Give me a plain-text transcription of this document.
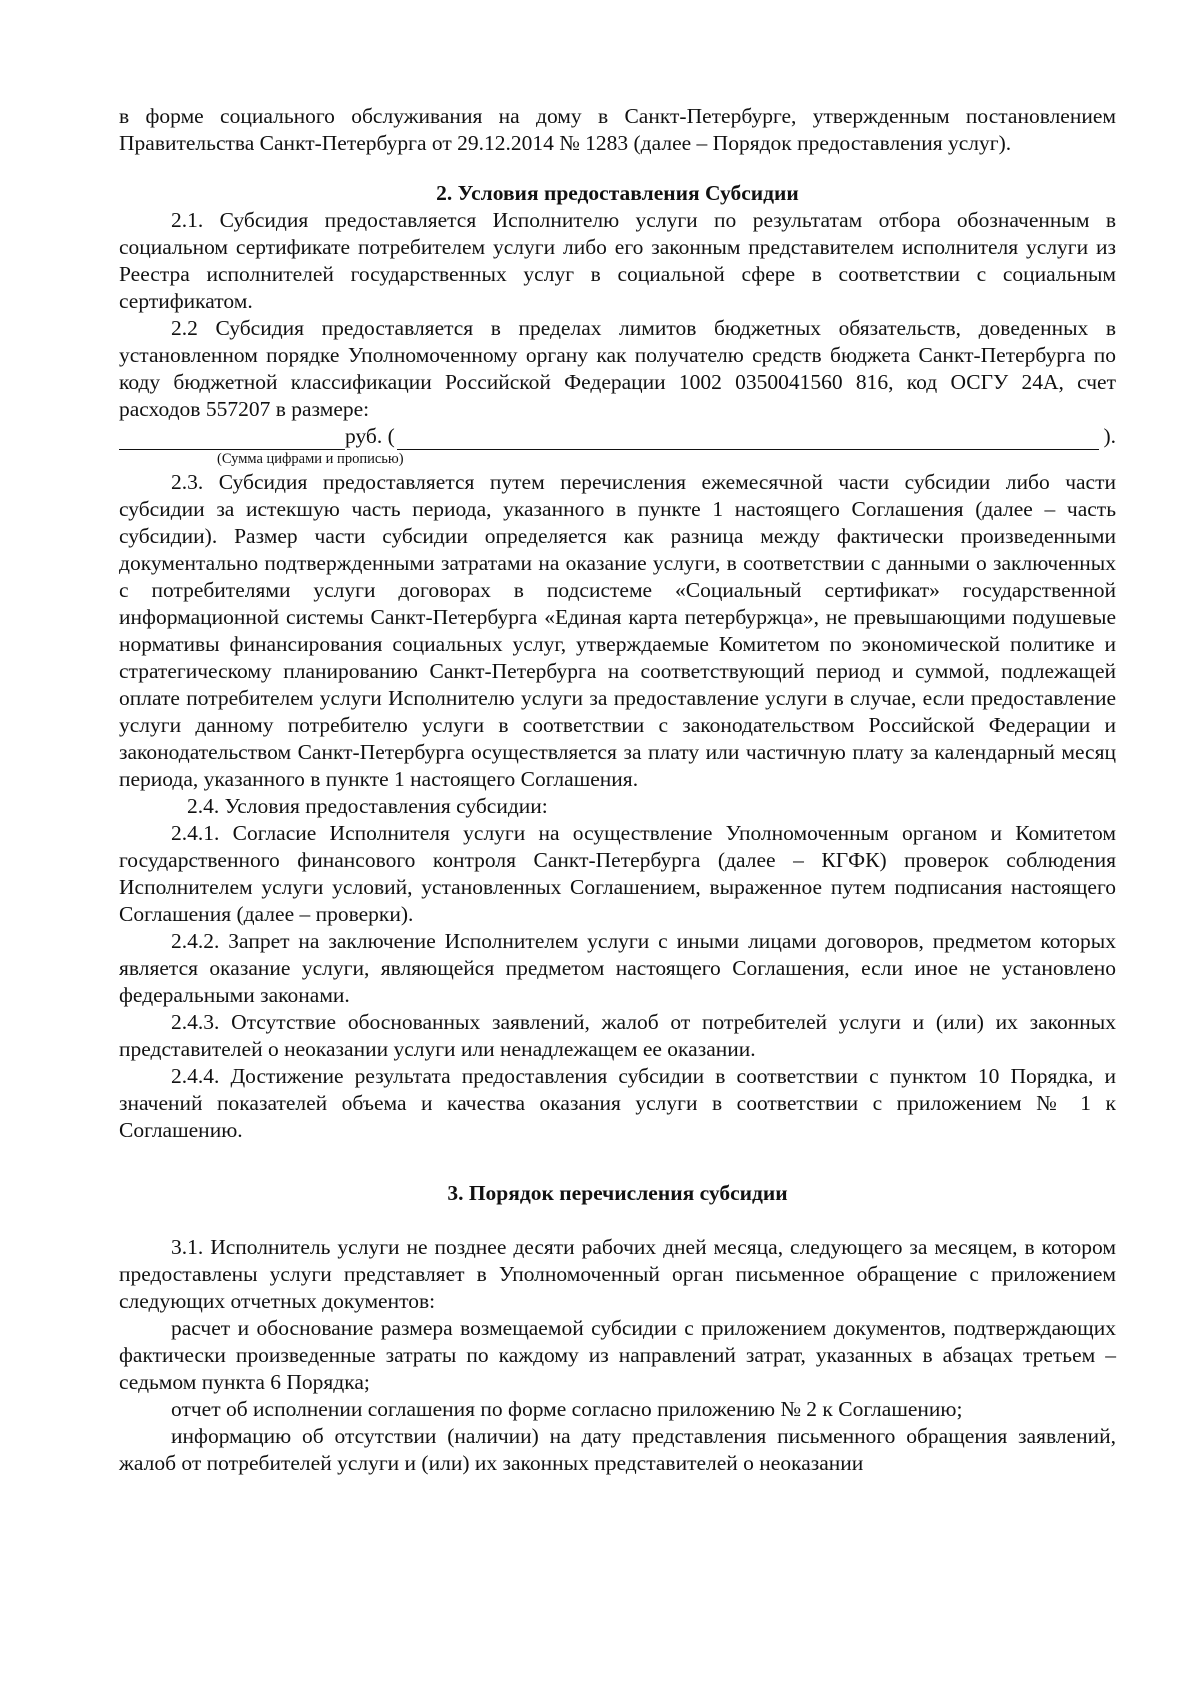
в форме социального обслуживания на дому в Санкт-Петербурге, утвержденным постановлением Правительства Санкт-Петербурга от 29.12.2014 № 1283 (далее – Порядок предоставления услуг).

2. Условия предоставления Субсидии

2.1. Субсидия предоставляется Исполнителю услуги по результатам отбора обозначенным в социальном сертификате потребителем услуги либо его законным представителем исполнителя услуги из Реестра исполнителей государственных услуг в социальной сфере в соответствии с социальным сертификатом.

2.2 Субсидия предоставляется в пределах лимитов бюджетных обязательств, доведенных в установленном порядке Уполномоченному органу как получателю средств бюджета Санкт-Петербурга по коду бюджетной классификации Российской Федерации 1002 0350041560 816, код ОСГУ 24А, счет расходов 557207 в размере:

руб. (	).
(Сумма цифрами и прописью)

2.3. Субсидия предоставляется путем перечисления ежемесячной части субсидии либо части субсидии за истекшую часть периода, указанного в пункте 1 настоящего Соглашения (далее – часть субсидии). Размер части субсидии определяется как разница между фактически произведенными документально подтвержденными затратами на оказание услуги, в соответствии с данными о заключенных с потребителями услуги договорах в подсистеме «Социальный сертификат» государственной информационной системы Санкт-Петербурга «Единая карта петербуржца», не превышающими подушевые нормативы финансирования социальных услуг, утверждаемые Комитетом по экономической политике и стратегическому планированию Санкт-Петербурга на соответствующий период и суммой, подлежащей оплате потребителем услуги Исполнителю услуги за предоставление услуги в случае, если предоставление услуги данному потребителю услуги в соответствии с законодательством Российской Федерации и законодательством Санкт-Петербурга осуществляется за плату или частичную плату за календарный месяц периода, указанного в пункте 1 настоящего Соглашения.

2.4. Условия предоставления субсидии:

2.4.1. Согласие Исполнителя услуги на осуществление Уполномоченным органом и Комитетом государственного финансового контроля Санкт-Петербурга (далее – КГФК) проверок соблюдения Исполнителем услуги условий, установленных Соглашением, выраженное путем подписания настоящего Соглашения (далее – проверки).

2.4.2. Запрет на заключение Исполнителем услуги с иными лицами договоров, предметом которых является оказание услуги, являющейся предметом настоящего Соглашения, если иное не установлено федеральными законами.

2.4.3. Отсутствие обоснованных заявлений, жалоб от потребителей услуги и (или) их законных представителей о неоказании услуги или ненадлежащем ее оказании.

2.4.4. Достижение результата предоставления субсидии в соответствии с пунктом 10 Порядка, и значений показателей объема и качества оказания услуги в соответствии с приложением № 1 к Соглашению.

3. Порядок перечисления субсидии

3.1. Исполнитель услуги не позднее десяти рабочих дней месяца, следующего за месяцем, в котором предоставлены услуги представляет в Уполномоченный орган письменное обращение с приложением следующих отчетных документов:

расчет и обоснование размера возмещаемой субсидии с приложением документов, подтверждающих фактически произведенные затраты по каждому из направлений затрат, указанных в абзацах третьем – седьмом пункта 6 Порядка;

отчет об исполнении соглашения по форме согласно приложению № 2 к Соглашению;

информацию об отсутствии (наличии) на дату представления письменного обращения заявлений, жалоб от потребителей услуги и (или) их законных представителей о неоказании
